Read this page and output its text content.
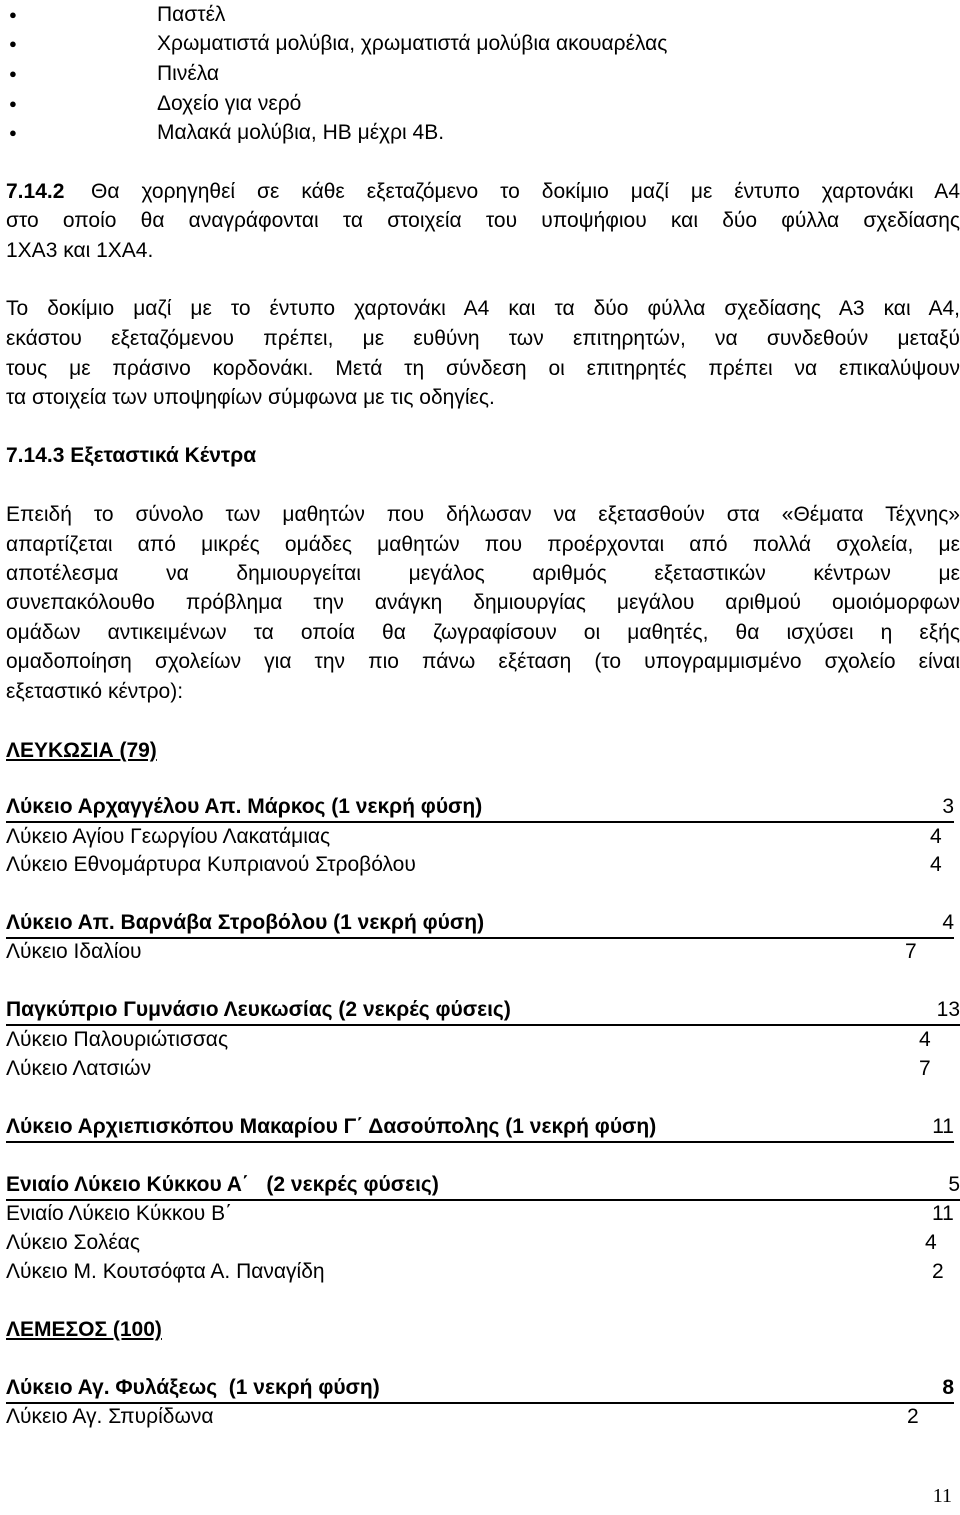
●	Παστέλ
●	Χρωματιστά μολύβια, χρωματιστά μολύβια ακουαρέλας
●	Πινέλα
●	Δοχείο για νερό
●	Μαλακά μολύβια, HB μέχρι 4B.
7.14.2 Θα χορηγηθεί σε κάθε εξεταζόμενο το δοκίμιο μαζί με έντυπο χαρτονάκι Α4
στο οποίο θα αναγράφονται τα στοιχεία του υποψήφιου και δύο φύλλα σχεδίασης
1ΧΑ3 και 1ΧΑ4.
Το δοκίμιο μαζί με το έντυπο χαρτονάκι Α4 και τα δύο φύλλα σχεδίασης Α3 και Α4,
εκάστου εξεταζόμενου πρέπει, με ευθύνη των επιτηρητών, να συνδεθούν μεταξύ
τους με πράσινο κορδονάκι. Μετά τη σύνδεση οι επιτηρητές πρέπει να επικαλύψουν
τα στοιχεία των υποψηφίων σύμφωνα με τις οδηγίες.
7.14.3 Εξεταστικά Κέντρα
Επειδή το σύνολο των μαθητών που δήλωσαν να εξετασθούν στα «Θέματα Τέχνης»
απαρτίζεται από μικρές ομάδες μαθητών που προέρχονται από πολλά σχολεία, με
αποτέλεσμα να δημιουργείται μεγάλος αριθμός εξεταστικών κέντρων με
συνεπακόλουθο πρόβλημα την ανάγκη δημιουργίας μεγάλου αριθμού ομοιόμορφων
ομάδων αντικειμένων τα οποία θα ζωγραφίσουν οι μαθητές, θα ισχύσει η εξής
ομαδοποίηση σχολείων για την πιο πάνω εξέταση (το υπογραμμισμένο σχολείο είναι
εξεταστικό κέντρο):
ΛΕΥΚΩΣΙΑ (79)
Λύκειο Αρχαγγέλου Απ. Μάρκος (1 νεκρή φύση)	3
Λύκειο Αγίου Γεωργίου Λακατάμιας	4
Λύκειο Εθνομάρτυρα Κυπριανού Στροβόλου	4
Λύκειο Απ. Βαρνάβα Στροβόλου (1 νεκρή φύση)	4
Λύκειο Ιδαλίου	7
Παγκύπριο Γυμνάσιο Λευκωσίας (2 νεκρές φύσεις)	13
Λύκειο Παλουριώτισσας	4
Λύκειο Λατσιών	7
Λύκειο Αρχιεπισκόπου Μακαρίου Γ΄ Δασούπολης (1 νεκρή φύση)	11
Ενιαίο Λύκειο Κύκκου Α΄   (2 νεκρές φύσεις)	5
Ενιαίο Λύκειο Κύκκου Β΄	11
Λύκειο Σολέας	4
Λύκειο Μ. Κουτσόφτα Α. Παναγίδη	2
ΛΕΜΕΣΟΣ (100)
Λύκειο Αγ. Φυλάξεως  (1 νεκρή φύση)	8
Λύκειο Αγ. Σπυρίδωνα	2
11
